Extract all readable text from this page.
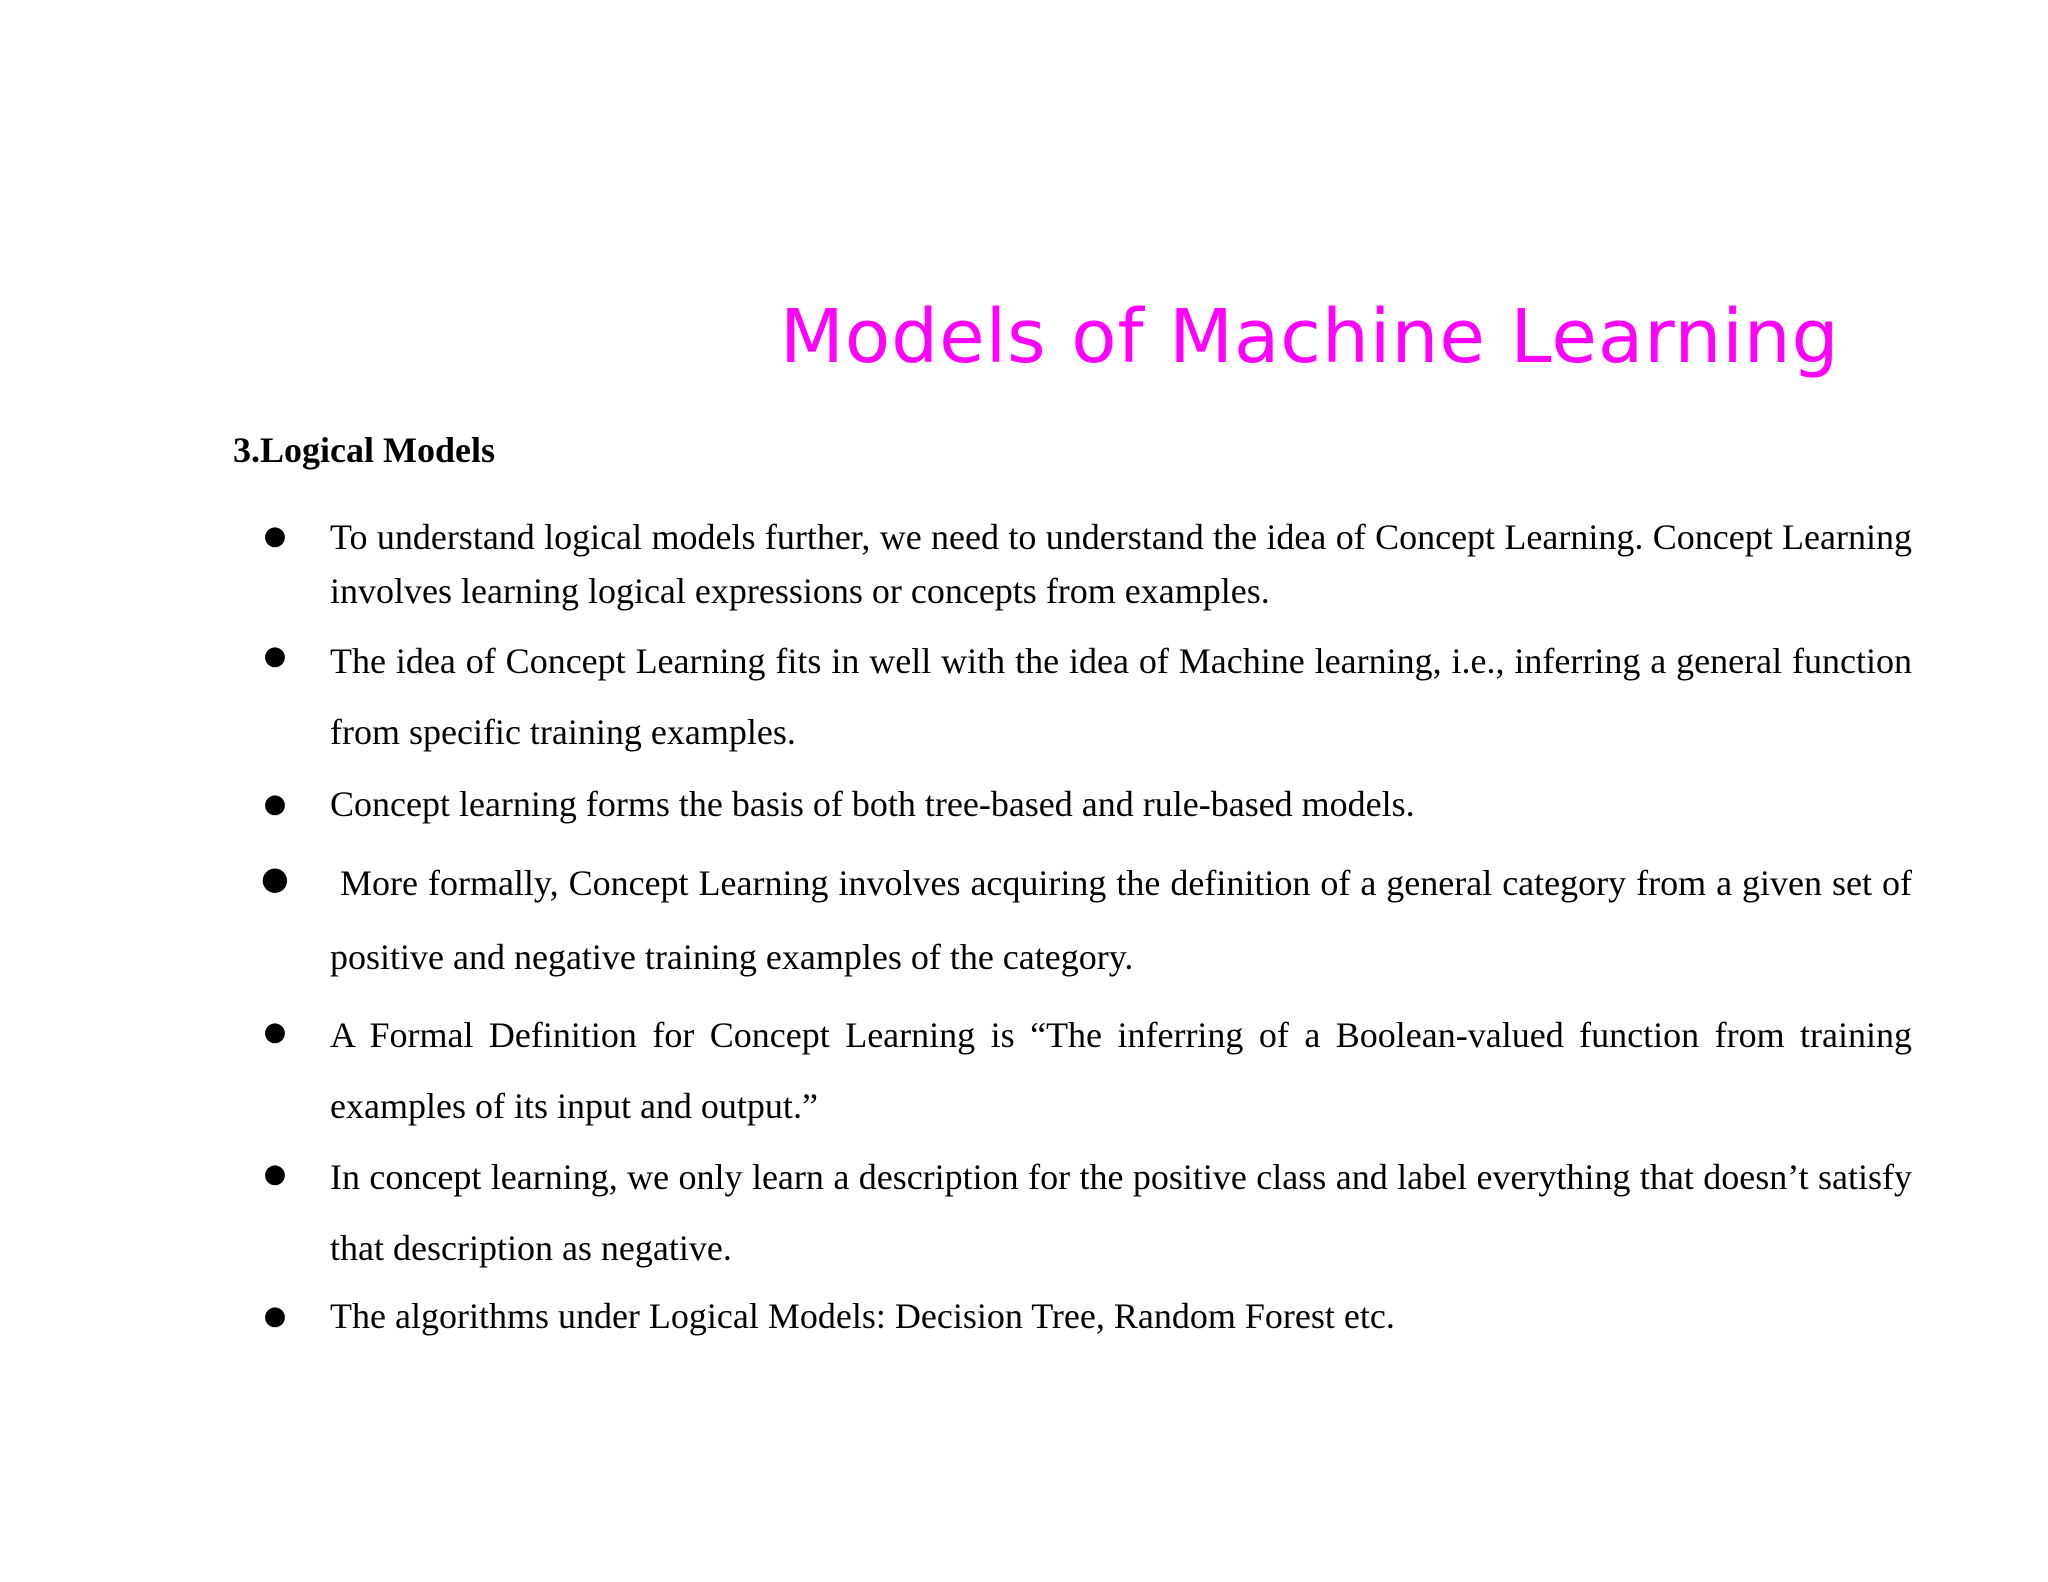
Models of Machine Learning
3.Logical Models
● To understand logical models further, we need to understand the idea of Concept Learning. Concept Learning involves learning logical expressions or concepts from examples.

● The idea of Concept Learning fits in well with the idea of Machine learning, i.e., inferring a general function from specific training examples.

● Concept learning forms the basis of both tree-based and rule-based models.

● More formally, Concept Learning involves acquiring the definition of a general category from a given set of positive and negative training examples of the category.

● A Formal Definition for Concept Learning is “The inferring of a Boolean-valued function from training examples of its input and output.”

● In concept learning, we only learn a description for the positive class and label everything that doesn’t satisfy that description as negative.

● The algorithms under Logical Models: Decision Tree, Random Forest etc.
